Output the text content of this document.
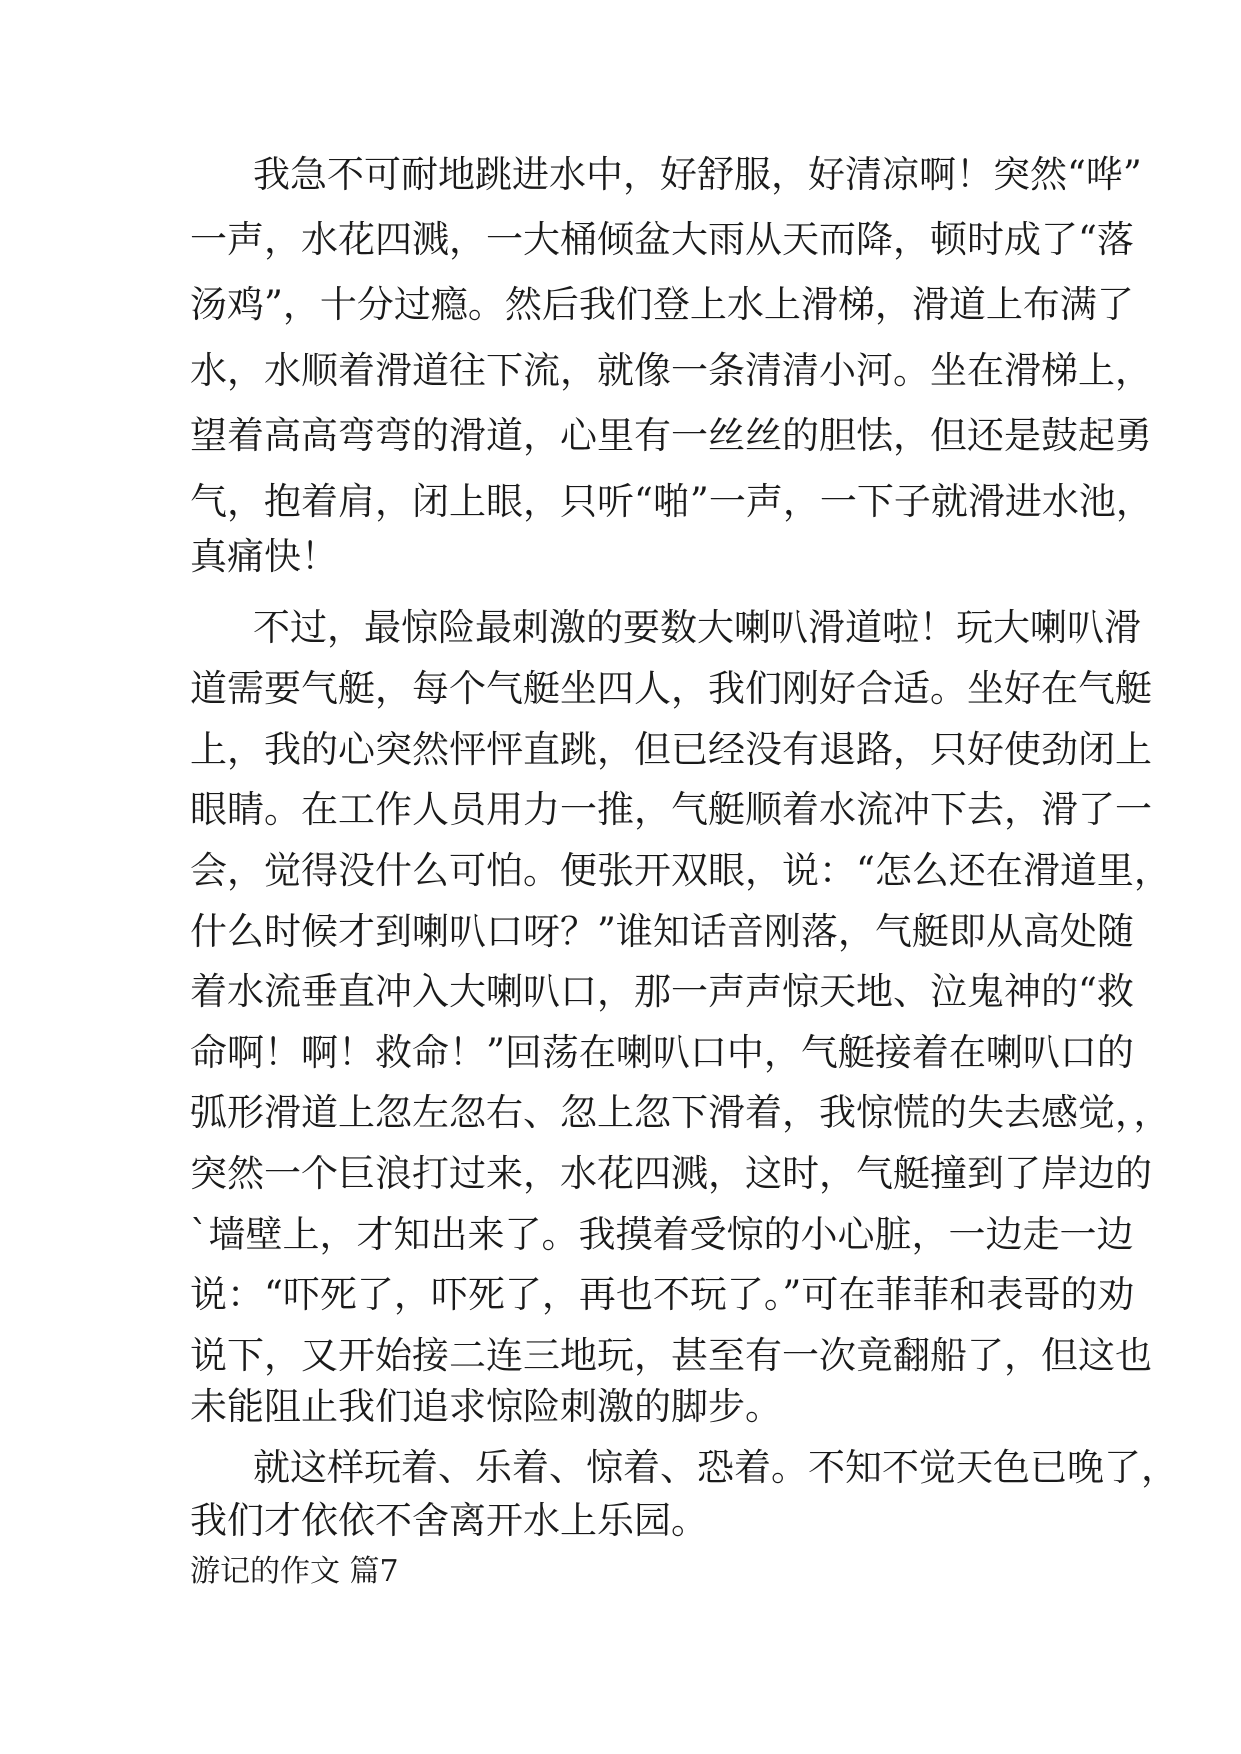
我急不可耐地跳进水中，好舒服，好清凉啊！突然“哗”
一声，水花四溅，一大桶倾盆大雨从天而降，顿时成了“落
汤鸡”，十分过瘾。然后我们登上水上滑梯，滑道上布满了
水，水顺着滑道往下流，就像一条清清小河。坐在滑梯上，
望着高高弯弯的滑道，心里有一丝丝的胆怯，但还是鼓起勇
气，抱着肩，闭上眼，只听“啪”一声，一下子就滑进水池，
真痛快！
不过，最惊险最刺激的要数大喇叭滑道啦！玩大喇叭滑
道需要气艇，每个气艇坐四人，我们刚好合适。坐好在气艇
上，我的心突然怦怦直跳，但已经没有退路，只好使劲闭上
眼睛。在工作人员用力一推，气艇顺着水流冲下去，滑了一
会，觉得没什么可怕。便张开双眼，说：“怎么还在滑道里，
什么时候才到喇叭口呀？”谁知话音刚落，气艇即从高处随
着水流垂直冲入大喇叭口，那一声声惊天地、泣鬼神的“救
命啊！啊！救命！”回荡在喇叭口中，气艇接着在喇叭口的
弧形滑道上忽左忽右、忽上忽下滑着，我惊慌的失去感觉，，
突然一个巨浪打过来，水花四溅，这时，气艇撞到了岸边的
`墙壁上，才知出来了。我摸着受惊的小心脏，一边走一边
说：“吓死了，吓死了，再也不玩了。”可在菲菲和表哥的劝
说下，又开始接二连三地玩，甚至有一次竟翻船了，但这也
未能阻止我们追求惊险刺激的脚步。
就这样玩着、乐着、惊着、恐着。不知不觉天色已晚了，
我们才依依不舍离开水上乐园。
游记的作文 篇7
